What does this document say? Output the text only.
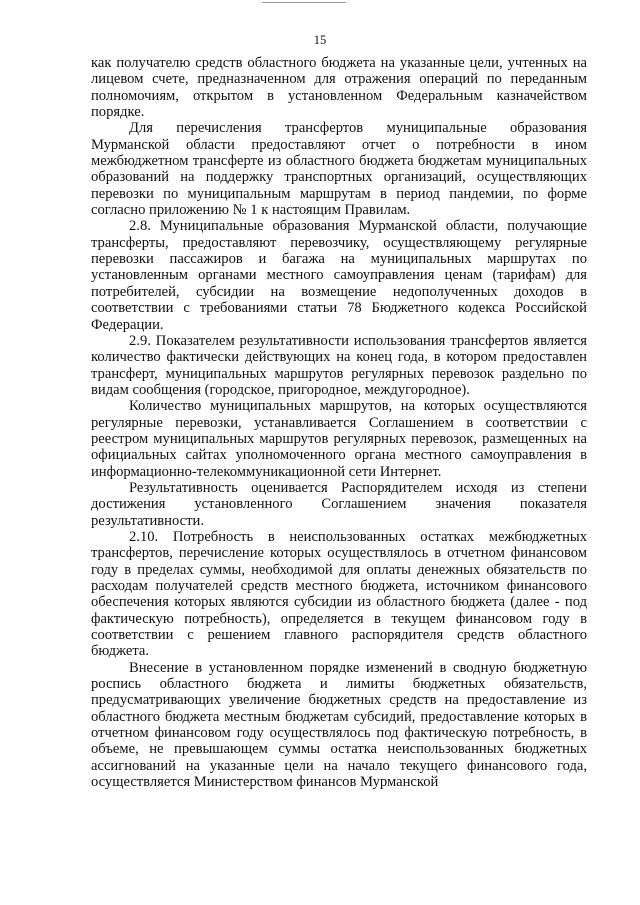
15

как получателю средств областного бюджета на указанные цели, учтенных на лицевом счете, предназначенном для отражения операций по переданным полномочиям, открытом в установленном Федеральным казначейством порядке.

Для перечисления трансфертов муниципальные образования Мурманской области предоставляют отчет о потребности в ином межбюджетном трансферте из областного бюджета бюджетам муниципальных образований на поддержку транспортных организаций, осуществляющих перевозки по муниципальным маршрутам в период пандемии, по форме согласно приложению № 1 к настоящим Правилам.

2.8. Муниципальные образования Мурманской области, получающие трансферты, предоставляют перевозчику, осуществляющему регулярные перевозки пассажиров и багажа на муниципальных маршрутах по установленным органами местного самоуправления ценам (тарифам) для потребителей, субсидии на возмещение недополученных доходов в соответствии с требованиями статьи 78 Бюджетного кодекса Российской Федерации.

2.9. Показателем результативности использования трансфертов является количество фактически действующих на конец года, в котором предоставлен трансферт, муниципальных маршрутов регулярных перевозок раздельно по видам сообщения (городское, пригородное, междугородное).

Количество муниципальных маршрутов, на которых осуществляются регулярные перевозки, устанавливается Соглашением в соответствии с реестром муниципальных маршрутов регулярных перевозок, размещенных на официальных сайтах уполномоченного органа местного самоуправления в информационно-телекоммуникационной сети Интернет.

Результативность оценивается Распорядителем исходя из степени достижения установленного Соглашением значения показателя результативности.

2.10. Потребность в неиспользованных остатках межбюджетных трансфертов, перечисление которых осуществлялось в отчетном финансовом году в пределах суммы, необходимой для оплаты денежных обязательств по расходам получателей средств местного бюджета, источником финансового обеспечения которых являются субсидии из областного бюджета (далее - под фактическую потребность), определяется в текущем финансовом году в соответствии с решением главного распорядителя средств областного бюджета.

Внесение в установленном порядке изменений в сводную бюджетную роспись областного бюджета и лимиты бюджетных обязательств, предусматривающих увеличение бюджетных средств на предоставление из областного бюджета местным бюджетам субсидий, предоставление которых в отчетном финансовом году осуществлялось под фактическую потребность, в объеме, не превышающем суммы остатка неиспользованных бюджетных ассигнований на указанные цели на начало текущего финансового года, осуществляется Министерством финансов Мурманской
